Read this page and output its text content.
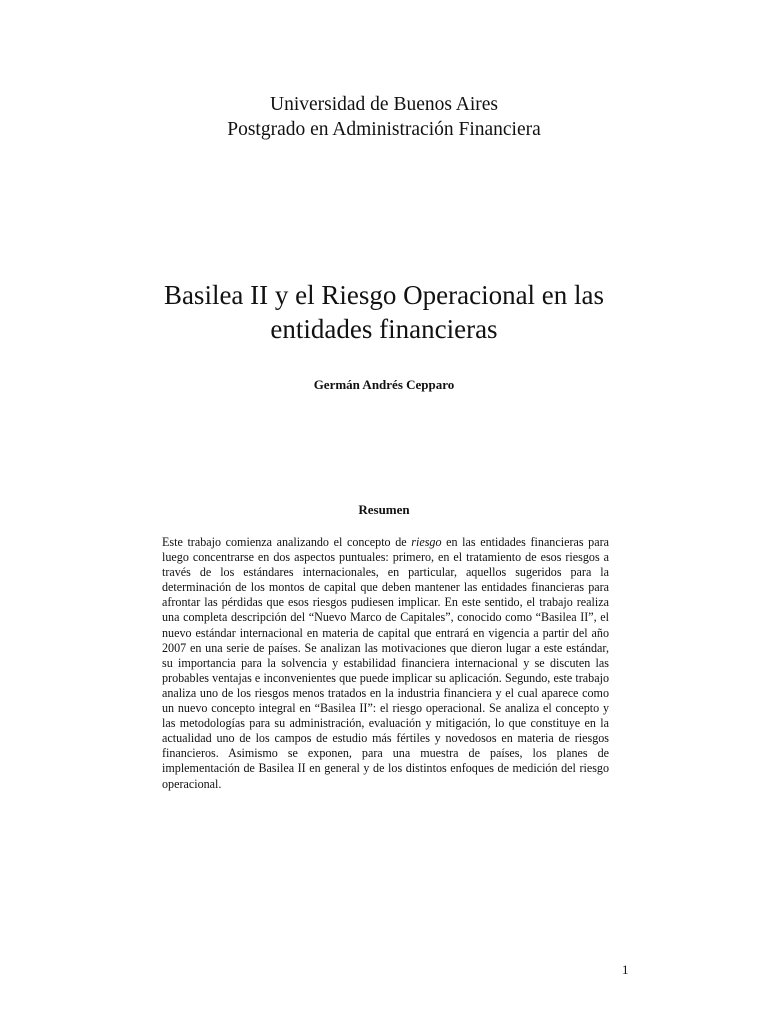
Universidad de Buenos Aires
Postgrado en Administración Financiera
Basilea II y el Riesgo Operacional en las
entidades financieras
Germán Andrés Cepparo
Resumen
Este trabajo comienza analizando el concepto de riesgo en las entidades financieras para luego concentrarse en dos aspectos puntuales: primero, en el tratamiento de esos riesgos a través de los estándares internacionales, en particular, aquellos sugeridos para la determinación de los montos de capital que deben mantener las entidades financieras para afrontar las pérdidas que esos riesgos pudiesen implicar. En este sentido, el trabajo realiza una completa descripción del “Nuevo Marco de Capitales”, conocido como “Basilea II”, el nuevo estándar internacional en materia de capital que entrará en vigencia a partir del año 2007 en una serie de países. Se analizan las motivaciones que dieron lugar a este estándar, su importancia para la solvencia y estabilidad financiera internacional y se discuten las probables ventajas e inconvenientes que puede implicar su aplicación. Segundo, este trabajo analiza uno de los riesgos menos tratados en la industria financiera y el cual aparece como un nuevo concepto integral en “Basilea II”: el riesgo operacional. Se analiza el concepto y las metodologías para su administración, evaluación y mitigación, lo que constituye en la actualidad uno de los campos de estudio más fértiles y novedosos en materia de riesgos financieros. Asimismo se exponen, para una muestra de países, los planes de implementación de Basilea II en general y de los distintos enfoques de medición del riesgo operacional.
1
